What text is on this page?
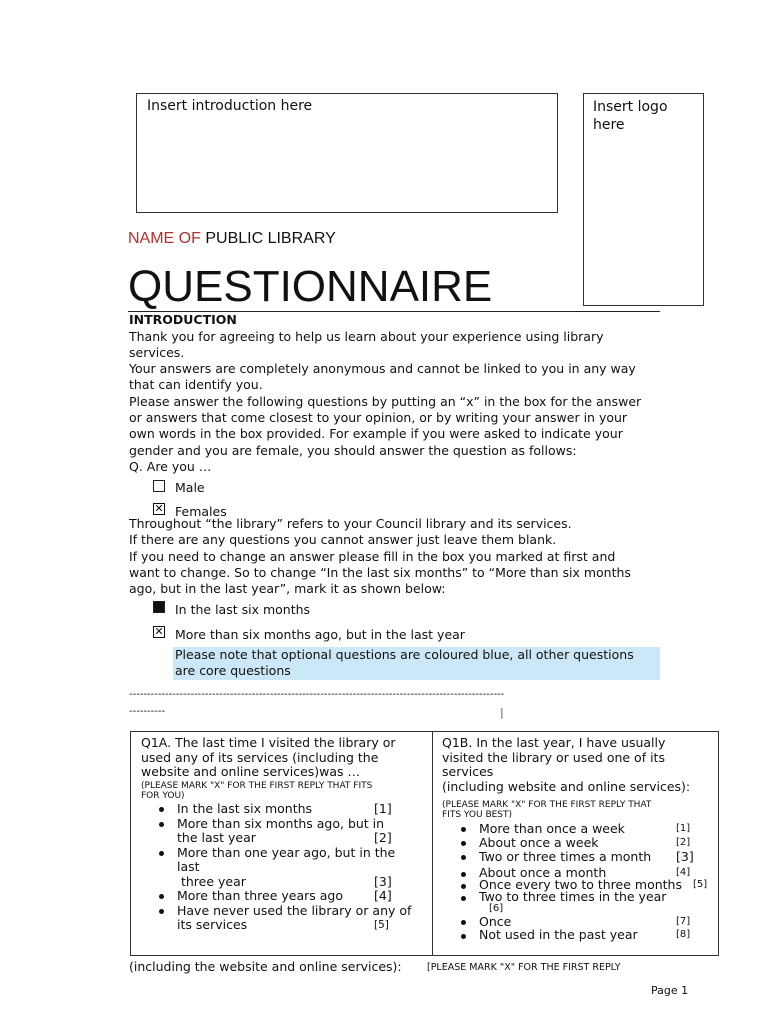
Insert introduction here	Insert logo here
NAME OF PUBLIC LIBRARY
QUESTIONNAIRE
INTRODUCTION
Thank you for agreeing to help us learn about your experience using library
services.
Your answers are completely anonymous and cannot be linked to you in any way
that can identify you.
Please answer the following questions by putting an “x” in the box for the answer
or answers that come closest to your opinion, or by writing your answer in your
own words in the box provided. For example if you were asked to indicate your
gender and you are female, you should answer the question as follows:
Q. Are you …
Male
✕ Females
Throughout “the library” refers to your Council library and its services.
If there are any questions you cannot answer just leave them blank.
If you need to change an answer please fill in the box you marked at first and
want to change. So to change “In the last six months” to “More than six months
ago, but in the last year”, mark it as shown below:
In the last six months
✕ More than six months ago, but in the last year
Please note that optional questions are coloured blue, all other questions
are core questions
--------------------------------------------------------------------------------------------------------
----------	|
(including the website and online services):	[PLEASE MARK "X" FOR THE FIRST REPLY
Q1A. The last time I visited the library or
used any of its services (including the
website and online services)was …
(PLEASE MARK "X" FOR THE FIRST REPLY THAT FITS
FOR YOU)
In the last six months	[1]
More than six months ago, but in
the last year	[2]
More than one year ago, but in the
last
three year	[3]
More than three years ago [4]
Have never used the library or any of
its services	[5]
Q1B. In the last year, I have usually
visited the library or used one of its
services
(including website and online services):
(PLEASE MARK "X" FOR THE FIRST REPLY THAT
FITS YOU BEST)
More than once a week	[1]
About once a week	[2]
Two or three times a month [3]
About once a month	[4]
Once every two to three months [5]
Two to three times in the year
[6]
Once	[7]
Not used in the past year	[8]
Page 1
